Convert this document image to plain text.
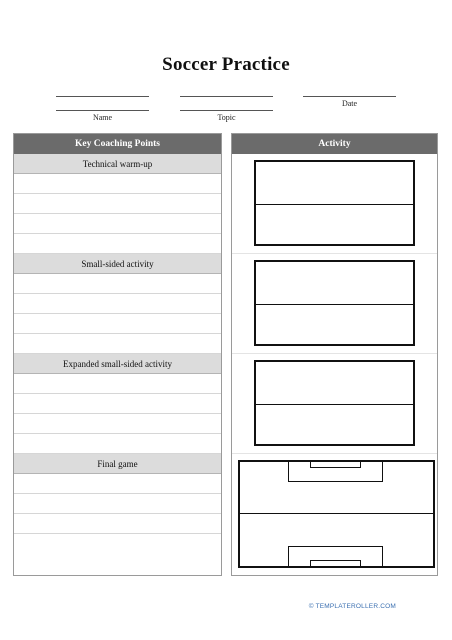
Soccer Practice
Date
Name	Topic
Key Coaching Points
Technical warm-up
Small-sided activity
Expanded small-sided activity
Final game
Activity
© TEMPLATEROLLER.COM
